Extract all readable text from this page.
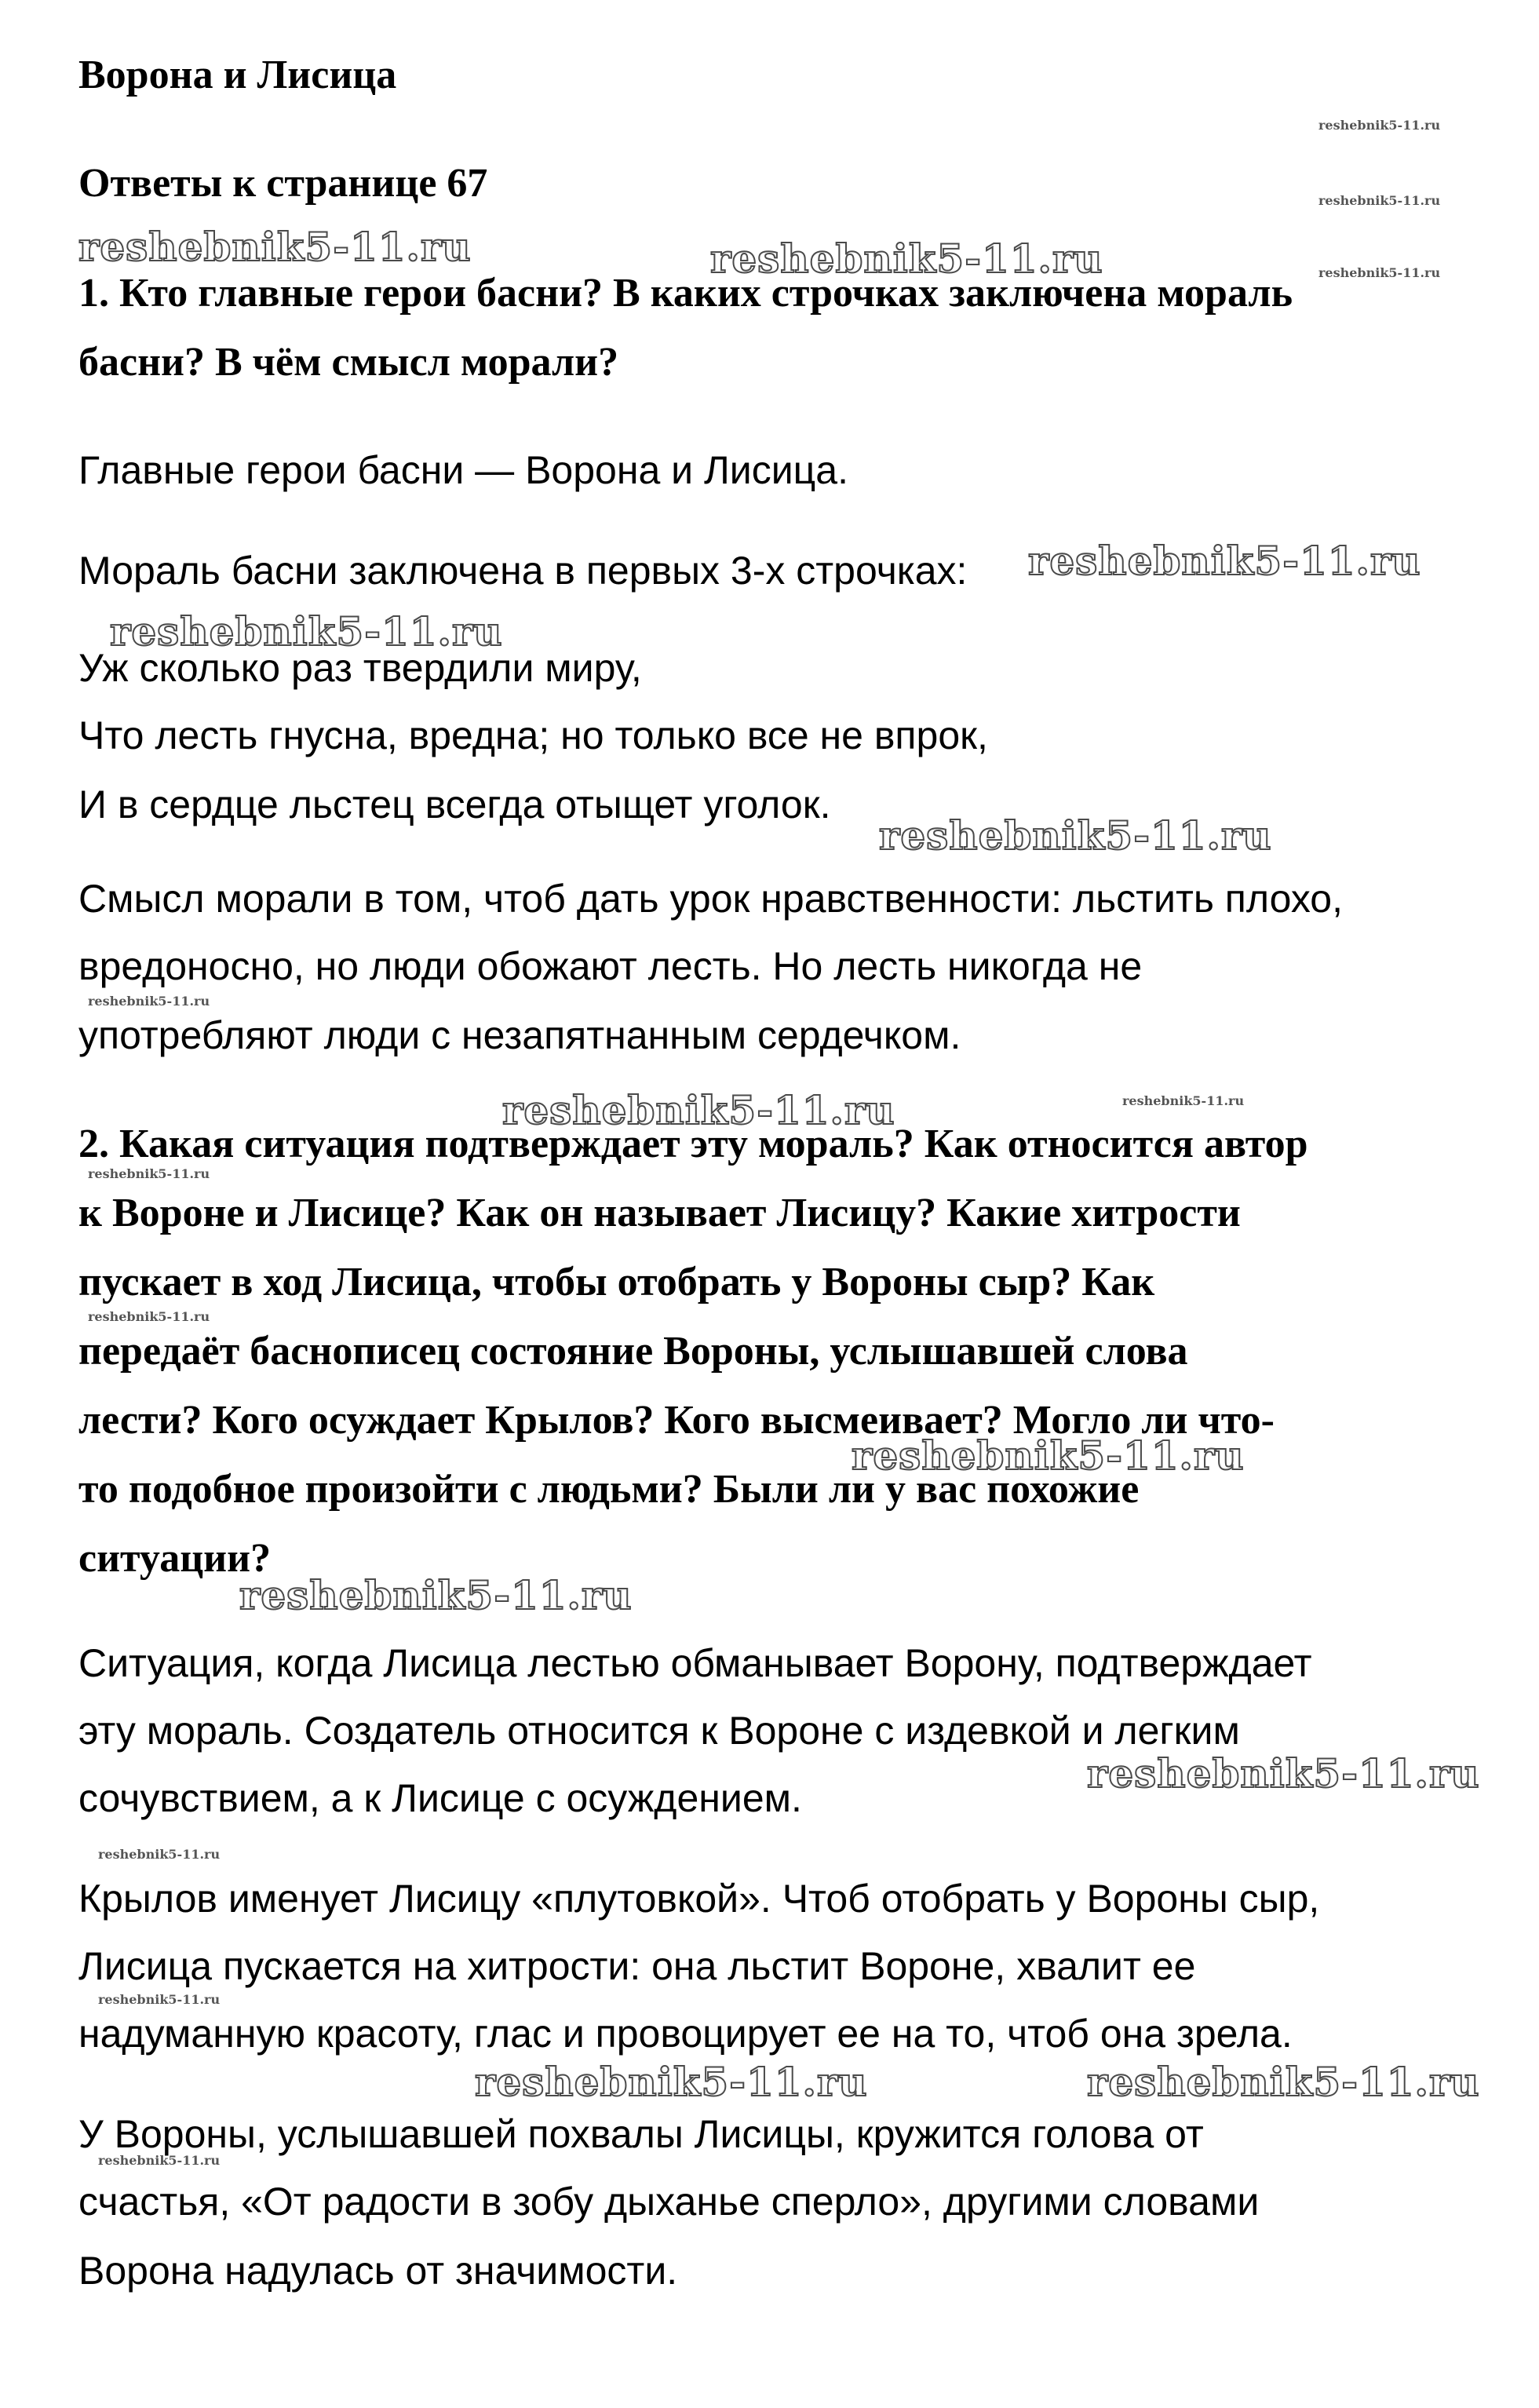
Ворона и Лисица
Ответы к странице 67
1. Кто главные герои басни? В каких строчках заключена мораль
басни? В чём смысл морали?
Главные герои басни — Ворона и Лисица.
Мораль басни заключена в первых 3-х строчках:
Уж сколько раз твердили миру,
Что лесть гнусна, вредна; но только все не впрок,
И в сердце льстец всегда отыщет уголок.
Смысл морали в том, чтоб дать урок нравственности: льстить плохо,
вредоносно, но люди обожают лесть. Но лесть никогда не
употребляют люди с незапятнанным сердечком.
2. Какая ситуация подтверждает эту мораль? Как относится автор
к Вороне и Лисице? Как он называет Лисицу? Какие хитрости
пускает в ход Лисица, чтобы отобрать у Вороны сыр? Как
передаёт баснописец состояние Вороны, услышавшей слова
лести? Кого осуждает Крылов? Кого высмеивает? Могло ли что-
то подобное произойти с людьми? Были ли у вас похожие
ситуации?
Ситуация, когда Лисица лестью обманывает Ворону, подтверждает
эту мораль. Создатель относится к Вороне с издевкой и легким
сочувствием, а к Лисице с осуждением.
Крылов именует Лисицу «плутовкой». Чтоб отобрать у Вороны сыр,
Лисица пускается на хитрости: она льстит Вороне, хвалит ее
надуманную красоту, глас и провоцирует ее на то, чтоб она зрела.
У Вороны, услышавшей похвалы Лисицы, кружится голова от
счастья, «От радости в зобу дыханье сперло», другими словами
Ворона надулась от значимости.
reshebnik5-11.ru	reshebnik5-11.ru
reshebnik5-11.ru
reshebnik5-11.ru
reshebnik5-11.ru
reshebnik5-11.ru
reshebnik5-11.ru
reshebnik5-11.ru
reshebnik5-11.ru
reshebnik5-11.ru	reshebnik5-11.ru
reshebnik5-11.ru
reshebnik5-11.ru
reshebnik5-11.ru
reshebnik5-11.ru
reshebnik5-11.ru
reshebnik5-11.ru
reshebnik5-11.ru
reshebnik5-11.ru
reshebnik5-11.ru
reshebnik5-11.ru
